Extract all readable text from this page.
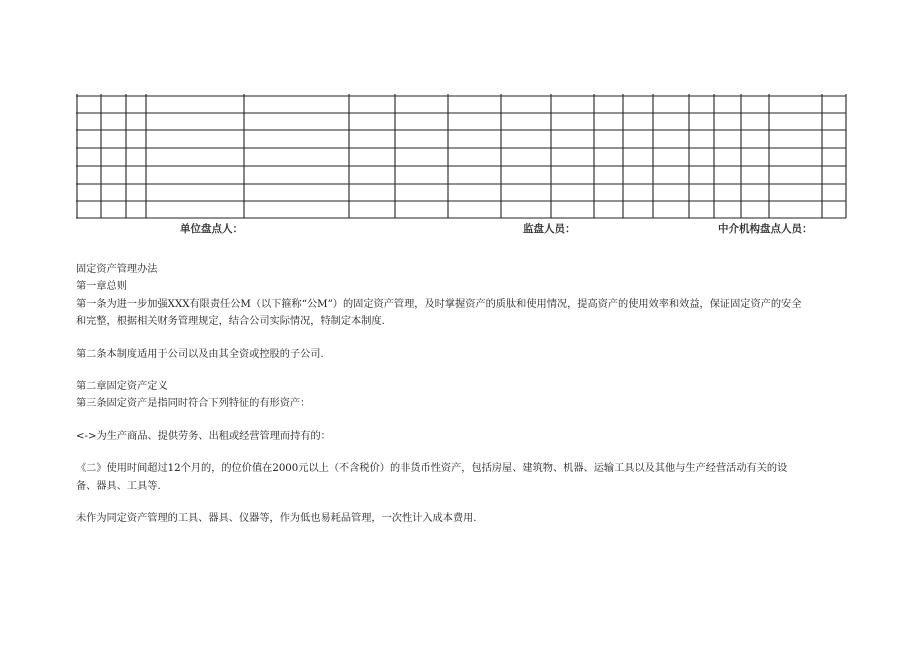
单位盘点人：	监盘人员：	中介机构盘点人员：

固定资产管理办法

第一章总则

第一条为进一步加强XXX有限责任公M（以下箍称“公M”）的固定资产管理，及时掌握资产的质肽和使用情况，提高资产的使用效率和效益，保证固定资产的安全

和完整，根据相关财务管理规定，结合公司实际情况，特制定本制度.

第二条本制度适用于公司以及由其全资或控股的子公司.

第二章固定资产定义

第三条固定资产是指同时符合下列特征的有形资产：

<->为生产商品、提供劳务、出租或经营管理而持有的：

《二》使用时间超过12个月的，的位价值在2000元以上（不含税价）的非货币性资产，包括房屋、建筑物、机器、运输工具以及其他与生产经营活动有关的设

备、器具、工具等.

未作为同定资产管理的工具、器具、仪器等，作为低也易耗品管理，一次性计入成本费用.
